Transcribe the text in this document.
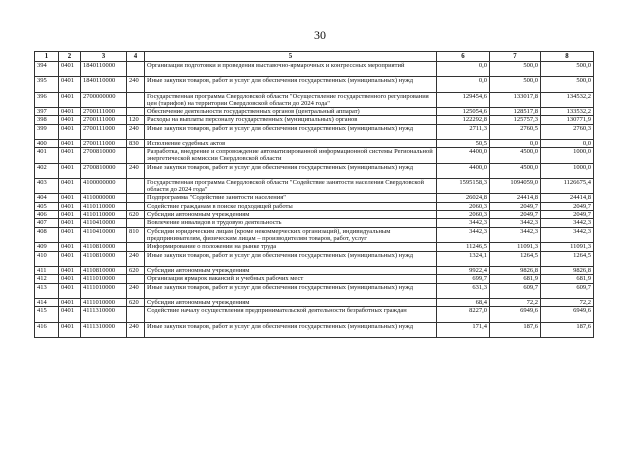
30
1	2	3	4	5	6	7	8
394	0401	1840110000		Организация подготовки и проведения выставочно-ярмарочных и конгрессных мероприятий	0,0	500,0	500,0
395	0401	1840110000	240	Иные закупки товаров, работ и услуг для обеспечения государственных (муниципальных) нужд	0,0	500,0	500,0
396	0401	2700000000		Государственная программа Свердловской области "Осуществление государственного регулирования цен (тарифов) на территории Свердловской области до 2024 года"	129454,6	133017,8	134532,2
397	0401	2700111000		Обеспечение деятельности государственных органов (центральный аппарат)	125054,6	128517,8	133532,2
398	0401	2700111000	120	Расходы на выплаты персоналу государственных (муниципальных) органов	122292,8	125757,3	130771,9
399	0401	2700111000	240	Иные закупки товаров, работ и услуг для обеспечения государственных (муниципальных) нужд	2711,3	2760,5	2760,3
400	0401	2700111000	830	Исполнение судебных актов	50,5	0,0	0,0
401	0401	2700810000		Разработка, внедрение и сопровождение автоматизированной информационной системы Региональной энергетической комиссии Свердловской области	4400,0	4500,0	1000,0
402	0401	2700810000	240	Иные закупки товаров, работ и услуг для обеспечения государственных (муниципальных) нужд	4400,0	4500,0	1000,0
403	0401	4100000000		Государственная программа Свердловской области "Содействие занятости населения Свердловской области до 2024 года"	1595158,3	1094059,0	1126675,4
404	0401	4110000000		Подпрограмма "Содействие занятости населения"	26024,8	24414,8	24414,8
405	0401	4110110000		Содействие гражданам в поиске подходящей работы	2060,3	2049,7	2049,7
406	0401	4110110000	620	Субсидии автономным учреждениям	2060,3	2049,7	2049,7
407	0401	4110410000		Вовлечение инвалидов в трудовую деятельность	3442,3	3442,3	3442,3
408	0401	4110410000	810	Субсидии юридическим лицам (кроме некоммерческих организаций), индивидуальным предпринимателям, физическим лицам – производителям товаров, работ, услуг	3442,3	3442,3	3442,3
409	0401	4110810000		Информирование о положении на рынке труда	11246,5	11091,3	11091,3
410	0401	4110810000	240	Иные закупки товаров, работ и услуг для обеспечения государственных (муниципальных) нужд	1324,1	1264,5	1264,5
411	0401	4110810000	620	Субсидии автономным учреждениям	9922,4	9826,8	9826,8
412	0401	4111010000		Организация ярмарок вакансий и учебных рабочих мест	699,7	681,9	681,9
413	0401	4111010000	240	Иные закупки товаров, работ и услуг для обеспечения государственных (муниципальных) нужд	631,3	609,7	609,7
414	0401	4111010000	620	Субсидии автономным учреждениям	68,4	72,2	72,2
415	0401	4111310000		Содействие началу осуществления предпринимательской деятельности безработных граждан	8227,0	6949,6	6949,6
416	0401	4111310000	240	Иные закупки товаров, работ и услуг для обеспечения государственных (муниципальных) нужд	171,4	187,6	187,6
